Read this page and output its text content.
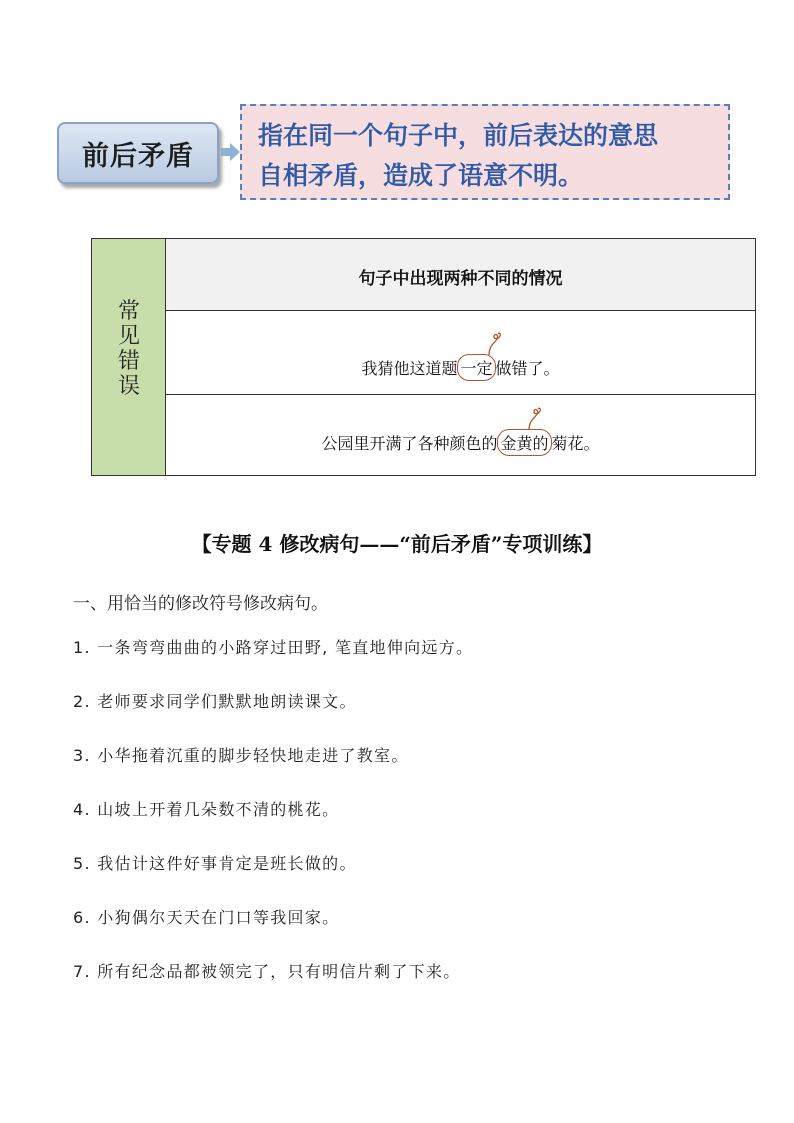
前后矛盾
指在同一个句子中，前后表达的意思
自相矛盾，造成了语意不明。
常
见
错
误
句子中出现两种不同的情况
我猜他这道题 一定 做错了。
公园里开满了各种颜色的 金黄的 菊花。
【专题 4 修改病句——“前后矛盾”专项训练】
一、用恰当的修改符号修改病句。
1. 一条弯弯曲曲的小路穿过田野, 笔直地伸向远方。
2. 老师要求同学们默默地朗读课文。
3. 小华拖着沉重的脚步轻快地走进了教室。
4. 山坡上开着几朵数不清的桃花。
5. 我估计这件好事肯定是班长做的。
6. 小狗偶尔天天在门口等我回家。
7. 所有纪念品都被领完了，只有明信片剩了下来。
